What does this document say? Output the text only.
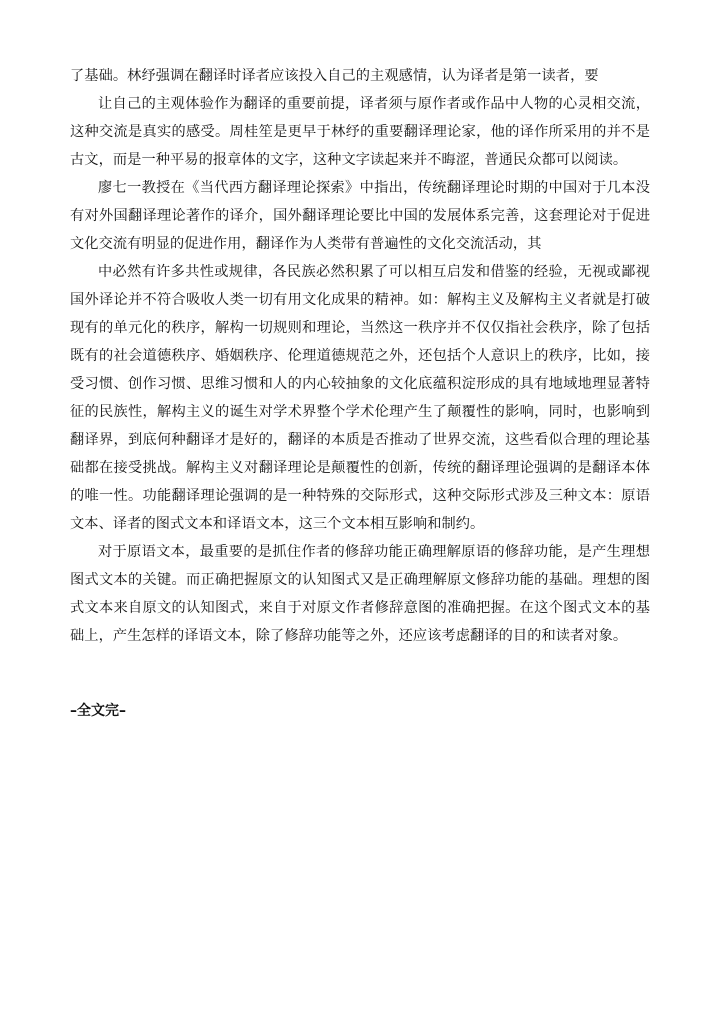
了基础。林纾强调在翻译时译者应该投入自己的主观感情，认为译者是第一读者，要

让自己的主观体验作为翻译的重要前提，译者须与原作者或作品中人物的心灵相交流，这种交流是真实的感受。周桂笙是更早于林纾的重要翻译理论家，他的译作所采用的并不是古文，而是一种平易的报章体的文字，这种文字读起来并不晦涩，普通民众都可以阅读。

廖七一教授在《当代西方翻译理论探索》中指出，传统翻译理论时期的中国对于几本没有对外国翻译理论著作的译介，国外翻译理论要比中国的发展体系完善，这套理论对于促进文化交流有明显的促进作用，翻译作为人类带有普遍性的文化交流活动，其

中必然有许多共性或规律，各民族必然积累了可以相互启发和借鉴的经验，无视或鄙视国外译论并不符合吸收人类一切有用文化成果的精神。如：解构主义及解构主义者就是打破现有的单元化的秩序，解构一切规则和理论，当然这一秩序并不仅仅指社会秩序，除了包括既有的社会道德秩序、婚姻秩序、伦理道德规范之外，还包括个人意识上的秩序，比如，接受习惯、创作习惯、思维习惯和人的内心较抽象的文化底蕴积淀形成的具有地域地理显著特征的民族性，解构主义的诞生对学术界整个学术伦理产生了颠覆性的影响，同时，也影响到翻译界，到底何种翻译才是好的，翻译的本质是否推动了世界交流，这些看似合理的理论基础都在接受挑战。解构主义对翻译理论是颠覆性的创新，传统的翻译理论强调的是翻译本体的唯一性。功能翻译理论强调的是一种特殊的交际形式，这种交际形式涉及三种文本：原语文本、译者的图式文本和译语文本，这三个文本相互影响和制约。

对于原语文本，最重要的是抓住作者的修辞功能正确理解原语的修辞功能，是产生理想图式文本的关键。而正确把握原文的认知图式又是正确理解原文修辞功能的基础。理想的图式文本来自原文的认知图式，来自于对原文作者修辞意图的准确把握。在这个图式文本的基础上，产生怎样的译语文本，除了修辞功能等之外，还应该考虑翻译的目的和读者对象。

–全文完–
